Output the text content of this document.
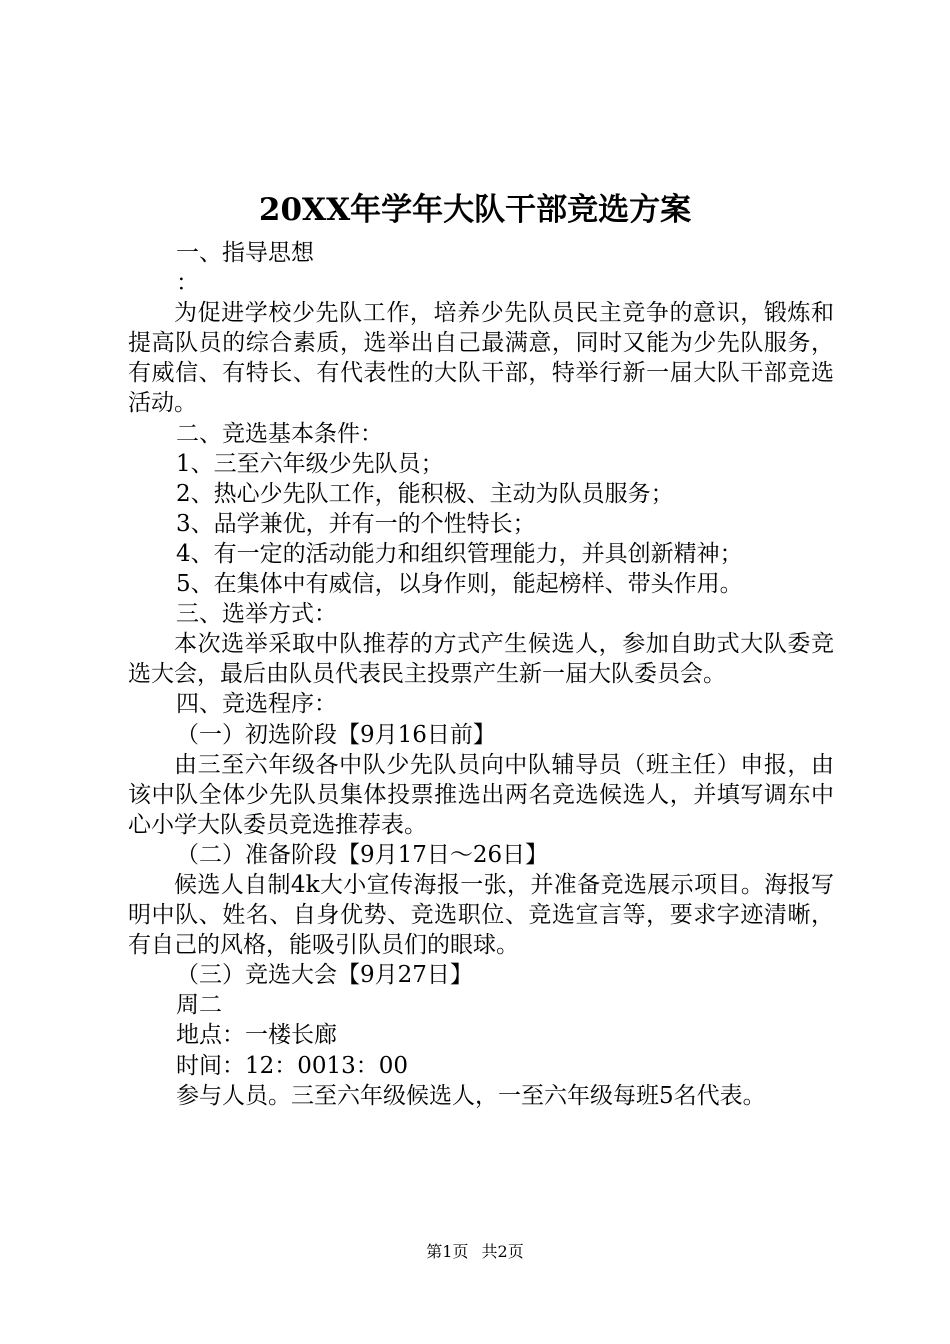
20XX年学年大队干部竞选方案
一、指导思想
：
为促进学校少先队工作，培养少先队员民主竞争的意识，锻炼和提高队员的综合素质，选举出自己最满意，同时又能为少先队服务，有威信、有特长、有代表性的大队干部，特举行新一届大队干部竞选活动。
二、竞选基本条件：
1、三至六年级少先队员；
2、热心少先队工作，能积极、主动为队员服务；
3、品学兼优，并有一的个性特长；
4、有一定的活动能力和组织管理能力，并具创新精神；
5、在集体中有威信，以身作则，能起榜样、带头作用。
三、选举方式：
本次选举采取中队推荐的方式产生候选人，参加自助式大队委竞选大会，最后由队员代表民主投票产生新一届大队委员会。
四、竞选程序：
（一）初选阶段【9月16日前】
由三至六年级各中队少先队员向中队辅导员（班主任）申报，由该中队全体少先队员集体投票推选出两名竞选候选人，并填写调东中心小学大队委员竞选推荐表。
（二）准备阶段【9月17日～26日】
候选人自制4k大小宣传海报一张，并准备竞选展示项目。海报写明中队、姓名、自身优势、竞选职位、竞选宣言等，要求字迹清晰，有自己的风格，能吸引队员们的眼球。
（三）竞选大会【9月27日】
周二
地点：一楼长廊
时间：12：0013：00
参与人员。三至六年级候选人，一至六年级每班5名代表。
第1页 共2页
